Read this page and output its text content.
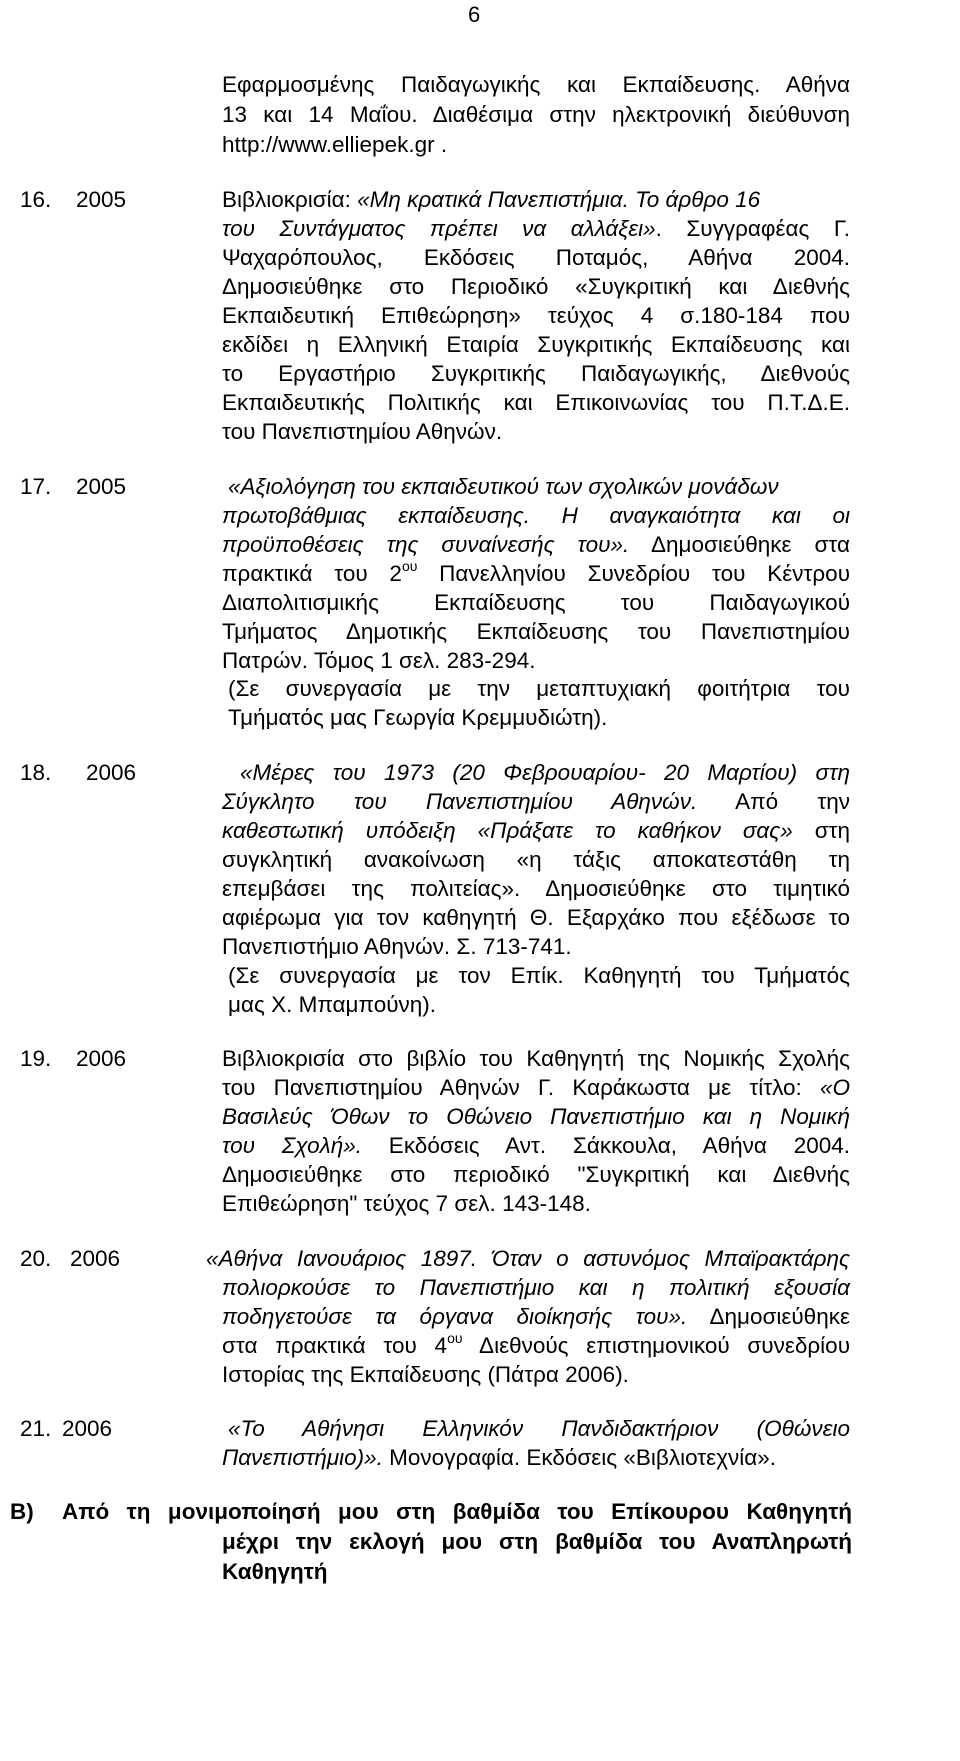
6
Εφαρμοσμένης Παιδαγωγικής και Εκπαίδευσης. Αθήνα
13 και 14 Μαΐου. Διαθέσιμα στην ηλεκτρονική διεύθυνση
http://www.elliepek.gr .
16. 2005	Βιβλιοκρισία: «Μη κρατικά Πανεπιστήμια. Το άρθρο 16
του Συντάγματος πρέπει να αλλάξει». Συγγραφέας Γ.
Ψαχαρόπουλος, Εκδόσεις Ποταμός, Αθήνα 2004.
Δημοσιεύθηκε στο Περιοδικό «Συγκριτική και Διεθνής
Εκπαιδευτική Επιθεώρηση» τεύχος 4 σ.180-184 που
εκδίδει η Ελληνική Εταιρία Συγκριτικής Εκπαίδευσης και
το Εργαστήριο Συγκριτικής Παιδαγωγικής, Διεθνούς
Εκπαιδευτικής Πολιτικής και Επικοινωνίας του Π.Τ.Δ.Ε.
του Πανεπιστημίου Αθηνών.
17. 2005	«Αξιολόγηση του εκπαιδευτικού των σχολικών μονάδων
πρωτοβάθμιας εκπαίδευσης. Η αναγκαιότητα και οι
προϋποθέσεις της συναίνεσής του». Δημοσιεύθηκε στα
πρακτικά του $2^{o\upsilon}$ Πανελληνίου Συνεδρίου του Κέντρου
Διαπολιτισμικής Εκπαίδευσης του Παιδαγωγικού
Τμήματος Δημοτικής Εκπαίδευσης του Πανεπιστημίου
Πατρών. Τόμος 1 σελ. 283-294.
(Σε συνεργασία με την μεταπτυχιακή φοιτήτρια του
Τμήματός μας Γεωργία Κρεμμυδιώτη).
18. 2006	«Μέρες του 1973 (20 Φεβρουαρίου- 20 Μαρτίου) στη
Σύγκλητο του Πανεπιστημίου Αθηνών. Από την
καθεστωτική υπόδειξη «Πράξατε το καθήκον σας» στη
συγκλητική ανακοίνωση «η τάξις αποκατεστάθη τη
επεμβάσει της πολιτείας». Δημοσιεύθηκε στο τιμητικό
αφιέρωμα για τον καθηγητή Θ. Εξαρχάκο που εξέδωσε το
Πανεπιστήμιο Αθηνών. Σ. 713-741.
(Σε συνεργασία με τον Επίκ. Καθηγητή του Τμήματός
μας Χ. Μπαμπούνη).
19. 2006	Βιβλιοκρισία στο βιβλίο του Καθηγητή της Νομικής Σχολής
του Πανεπιστημίου Αθηνών Γ. Καράκωστα με τίτλο: «Ο
Βασιλεύς Όθων το Οθώνειο Πανεπιστήμιο και η Νομική
του Σχολή». Εκδόσεις Αντ. Σάκκουλα, Αθήνα 2004.
Δημοσιεύθηκε στο περιοδικό "Συγκριτική και Διεθνής
Επιθεώρηση" τεύχος 7 σελ. 143-148.
20. 2006	«Αθήνα Ιανουάριος 1897. Όταν ο αστυνόμος Μπαϊρακτάρης
πολιορκούσε το Πανεπιστήμιο και η πολιτική εξουσία
ποδηγετούσε τα όργανα διοίκησής του». Δημοσιεύθηκε
στα πρακτικά του $4^{o\upsilon}$ Διεθνούς επιστημονικού συνεδρίου
Ιστορίας της Εκπαίδευσης (Πάτρα 2006).
21. 2006	«Το Αθήνησι Ελληνικόν Πανδιδακτήριον (Οθώνειο
Πανεπιστήμιο)». Μονογραφία. Εκδόσεις «Βιβλιοτεχνία».
Β) Από τη μονιμοποίησή μου στη βαθμίδα του Επίκουρου Καθηγητή
μέχρι την εκλογή μου στη βαθμίδα του Αναπληρωτή
Καθηγητή
